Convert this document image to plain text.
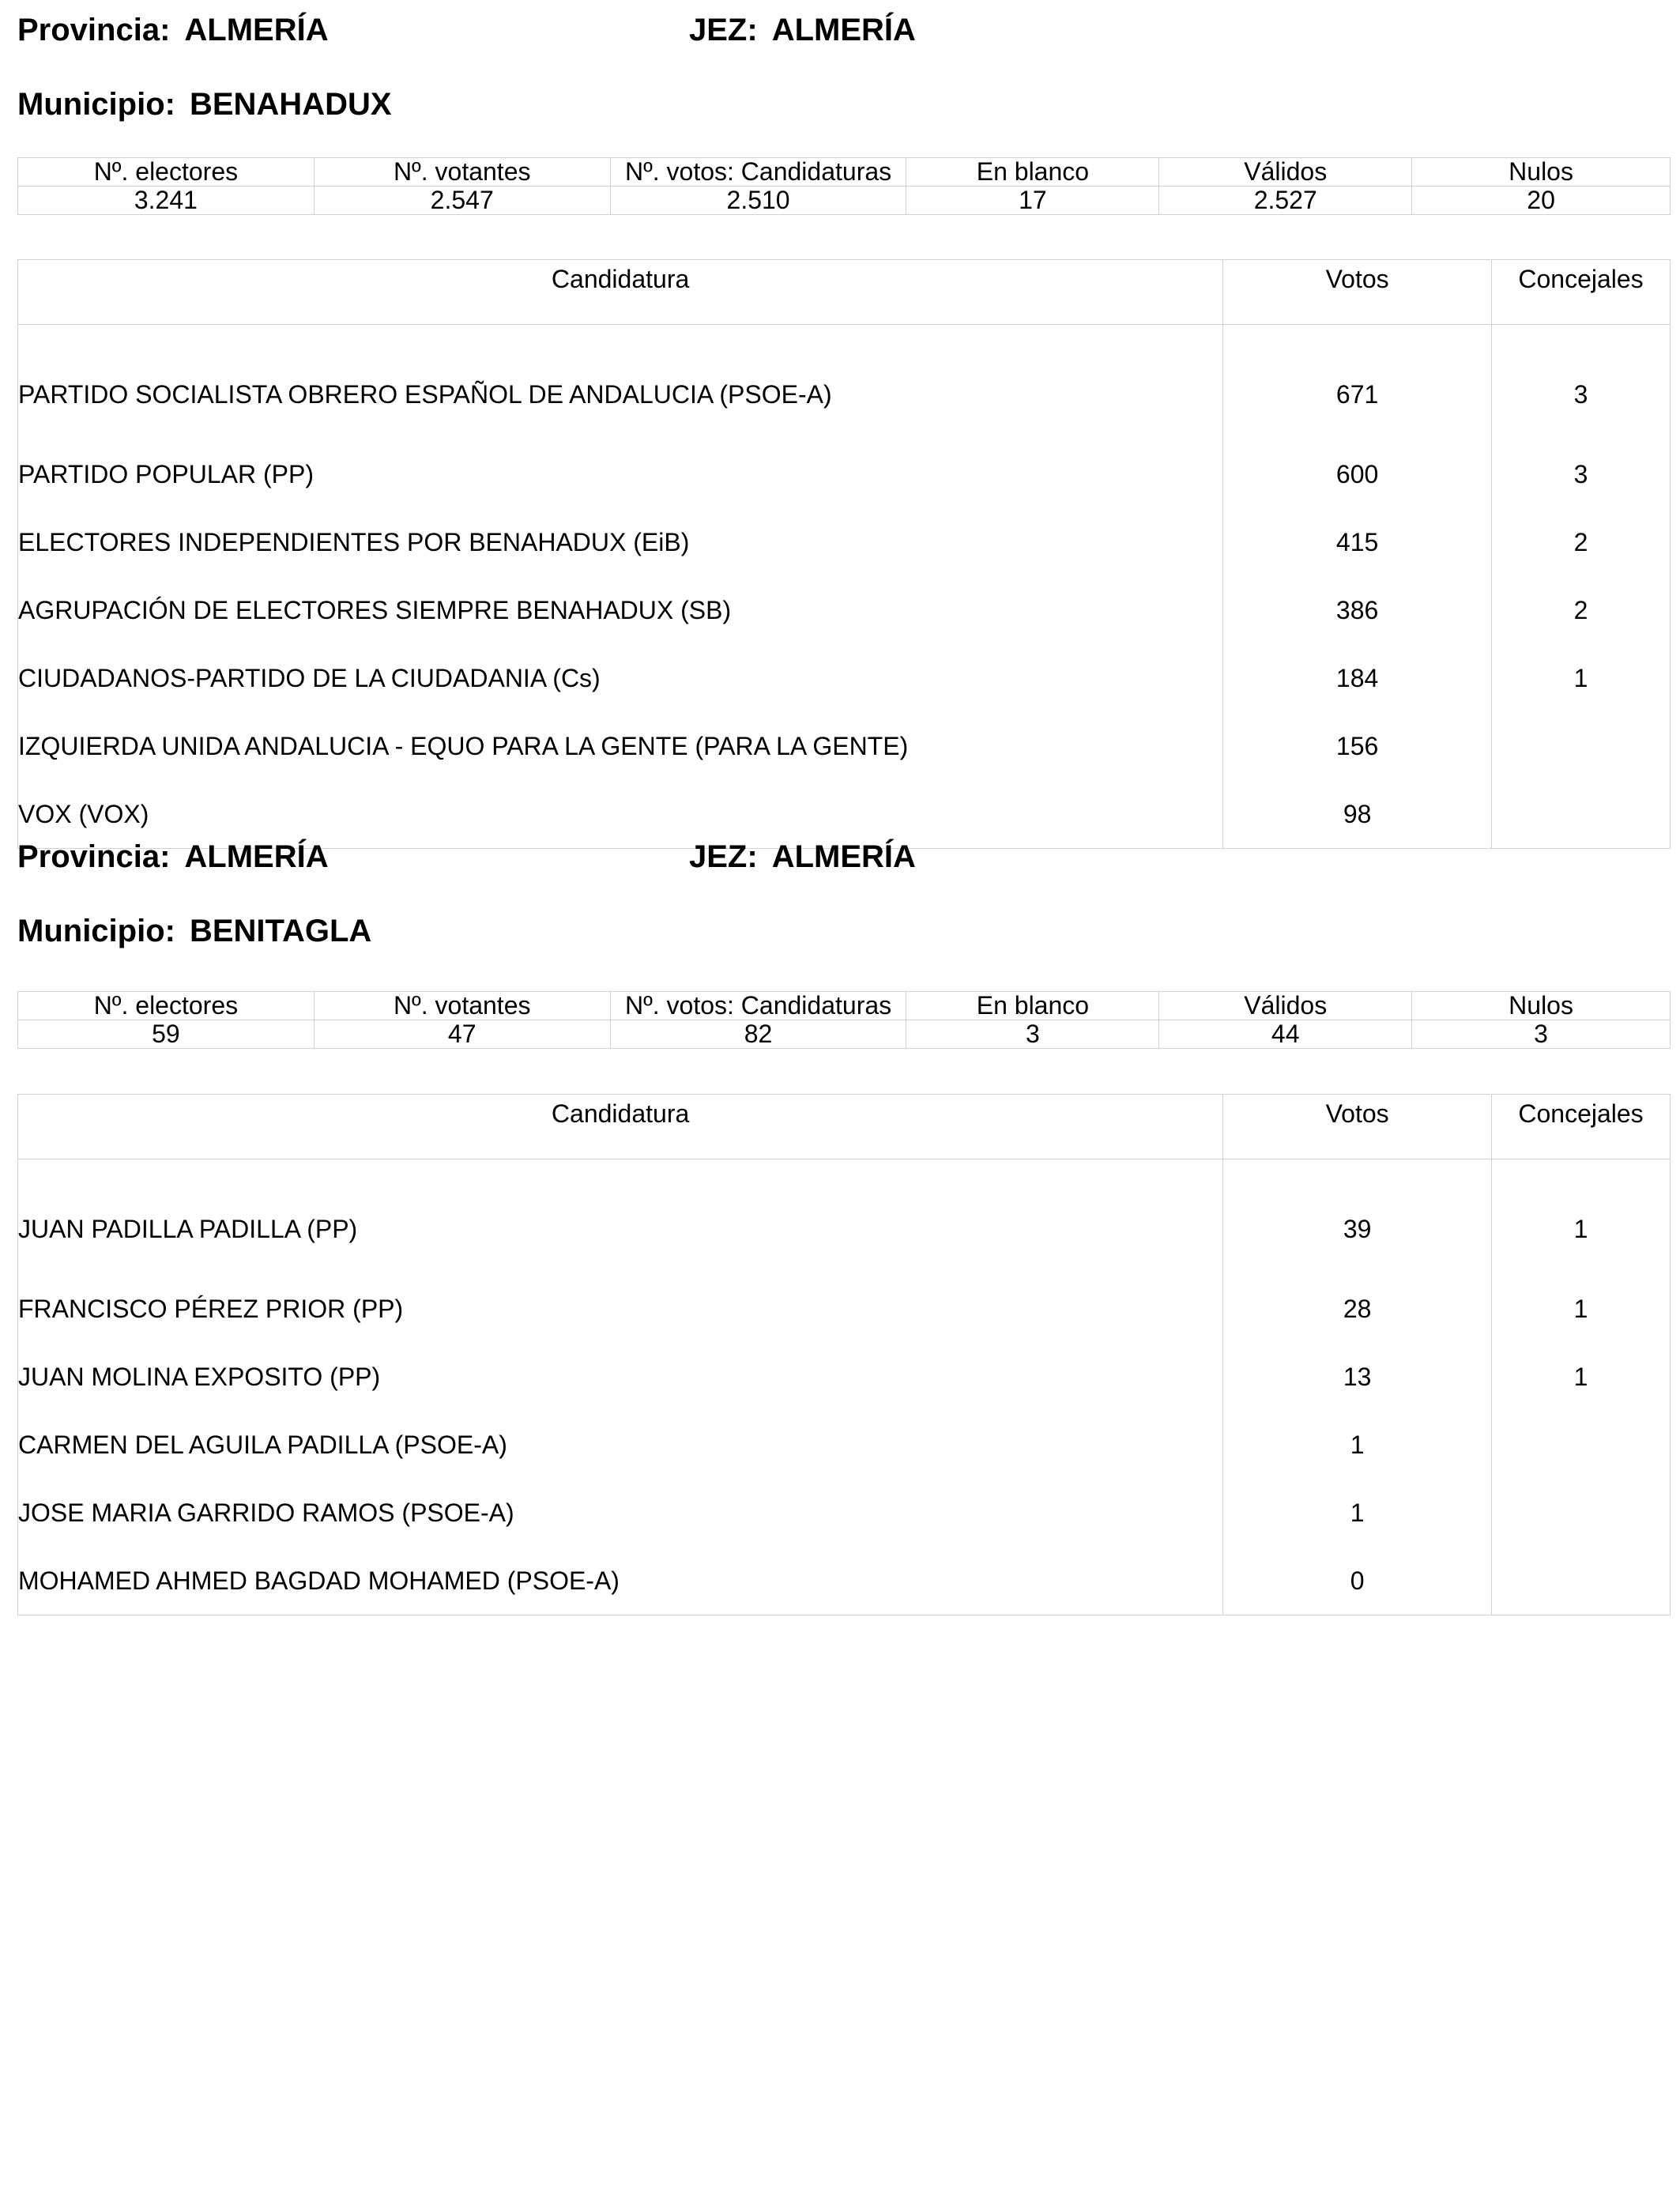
Provincia: ALMERÍA	JEZ: ALMERÍA
Municipio: BENAHADUX
Nº. electores	Nº. votantes	Nº. votos: Candidaturas	En blanco	Válidos	Nulos
3.241	2.547	2.510	17	2.527	20
Candidatura	Votos	Concejales
PARTIDO SOCIALISTA OBRERO ESPAÑOL DE ANDALUCIA (PSOE-A)	671	3
PARTIDO POPULAR (PP)	600	3
ELECTORES INDEPENDIENTES POR BENAHADUX (EiB)	415	2
AGRUPACIÓN DE ELECTORES SIEMPRE BENAHADUX (SB)	386	2
CIUDADANOS-PARTIDO DE LA CIUDADANIA (Cs)	184	1
IZQUIERDA UNIDA ANDALUCIA - EQUO PARA LA GENTE (PARA LA GENTE)	156	
VOX (VOX)	98	
Provincia: ALMERÍA	JEZ: ALMERÍA
Municipio: BENITAGLA
Nº. electores	Nº. votantes	Nº. votos: Candidaturas	En blanco	Válidos	Nulos
59	47	82	3	44	3
Candidatura	Votos	Concejales
JUAN PADILLA PADILLA (PP)	39	1
FRANCISCO PÉREZ PRIOR (PP)	28	1
JUAN MOLINA EXPOSITO (PP)	13	1
CARMEN DEL AGUILA PADILLA (PSOE-A)	1	
JOSE MARIA GARRIDO RAMOS (PSOE-A)	1	
MOHAMED AHMED BAGDAD MOHAMED (PSOE-A)	0	
